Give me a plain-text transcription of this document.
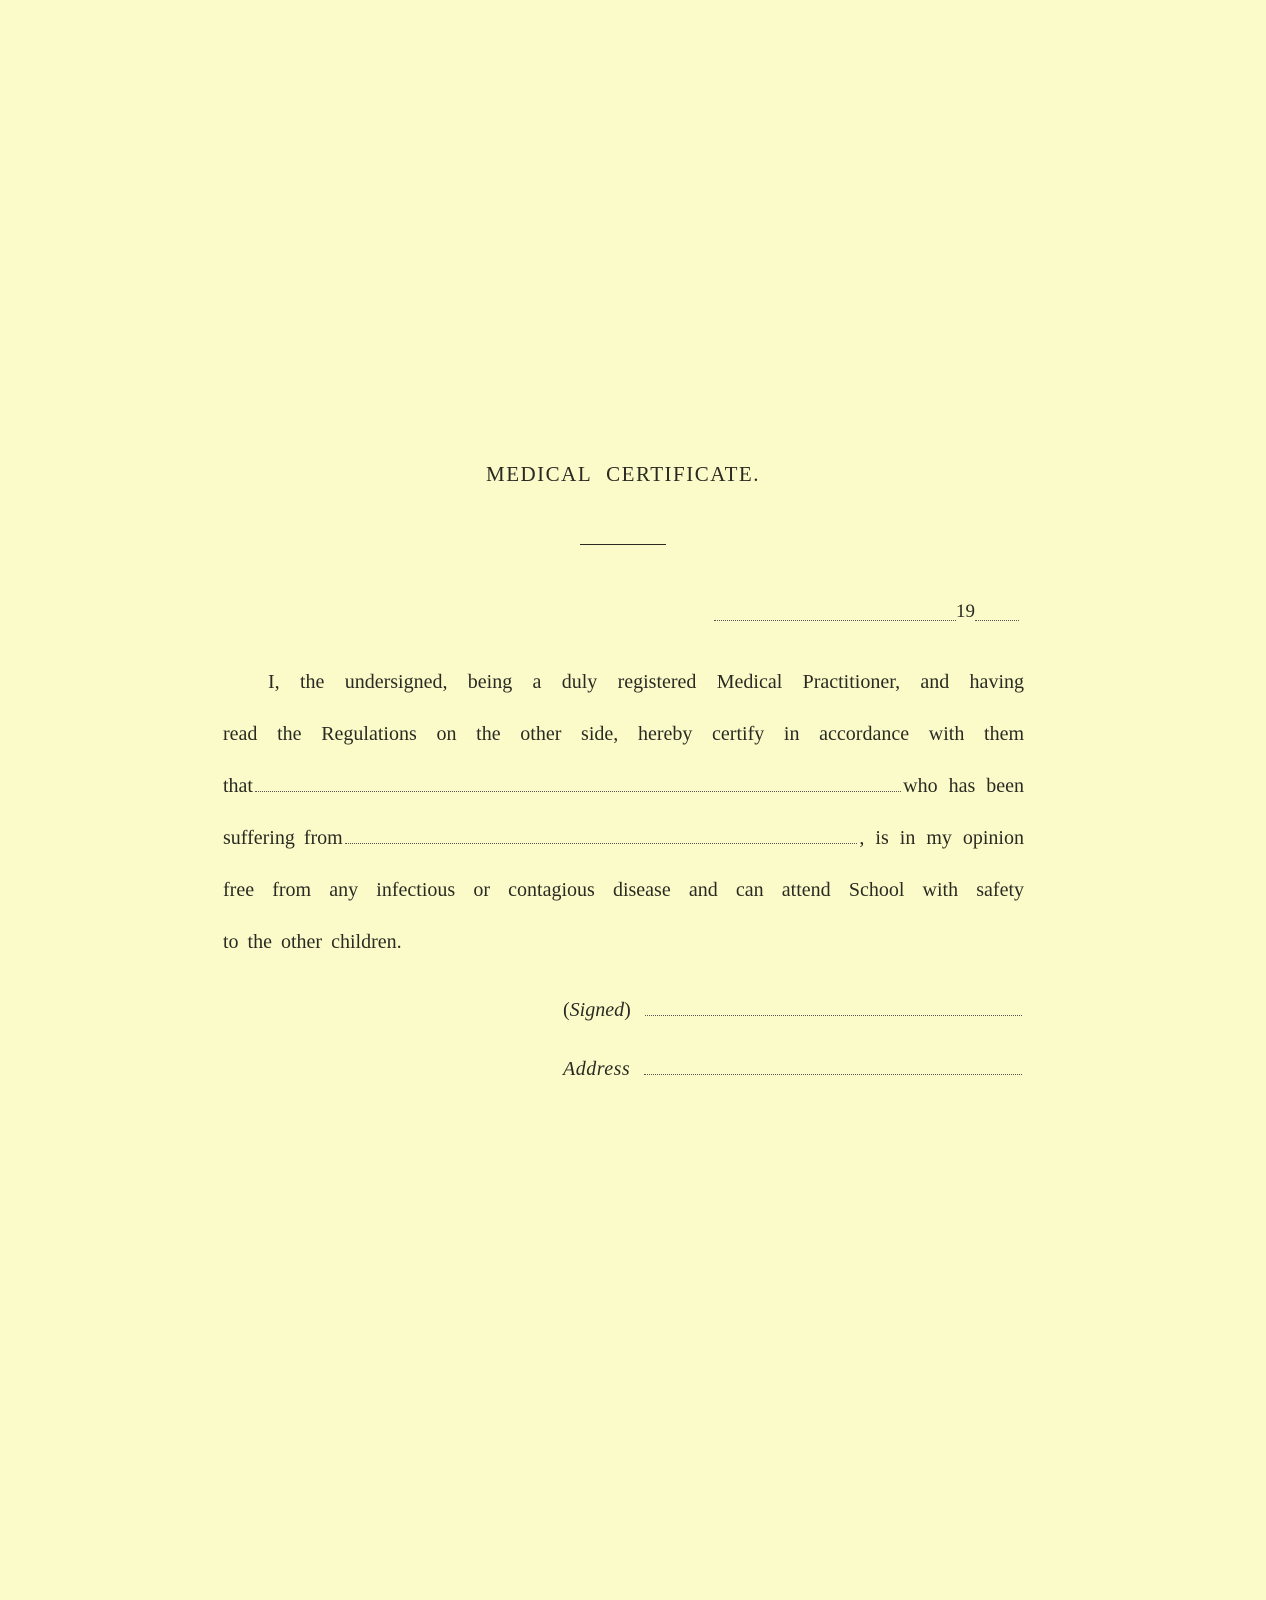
MEDICAL CERTIFICATE.
19
I, the undersigned, being a duly registered Medical Practitioner, and having
read the Regulations on the other side, hereby certify in accordance with them
that	who has been
suffering from	, is in my opinion
free from any infectious or contagious disease and can attend School with safety
to the other children.
(Signed)
Address
